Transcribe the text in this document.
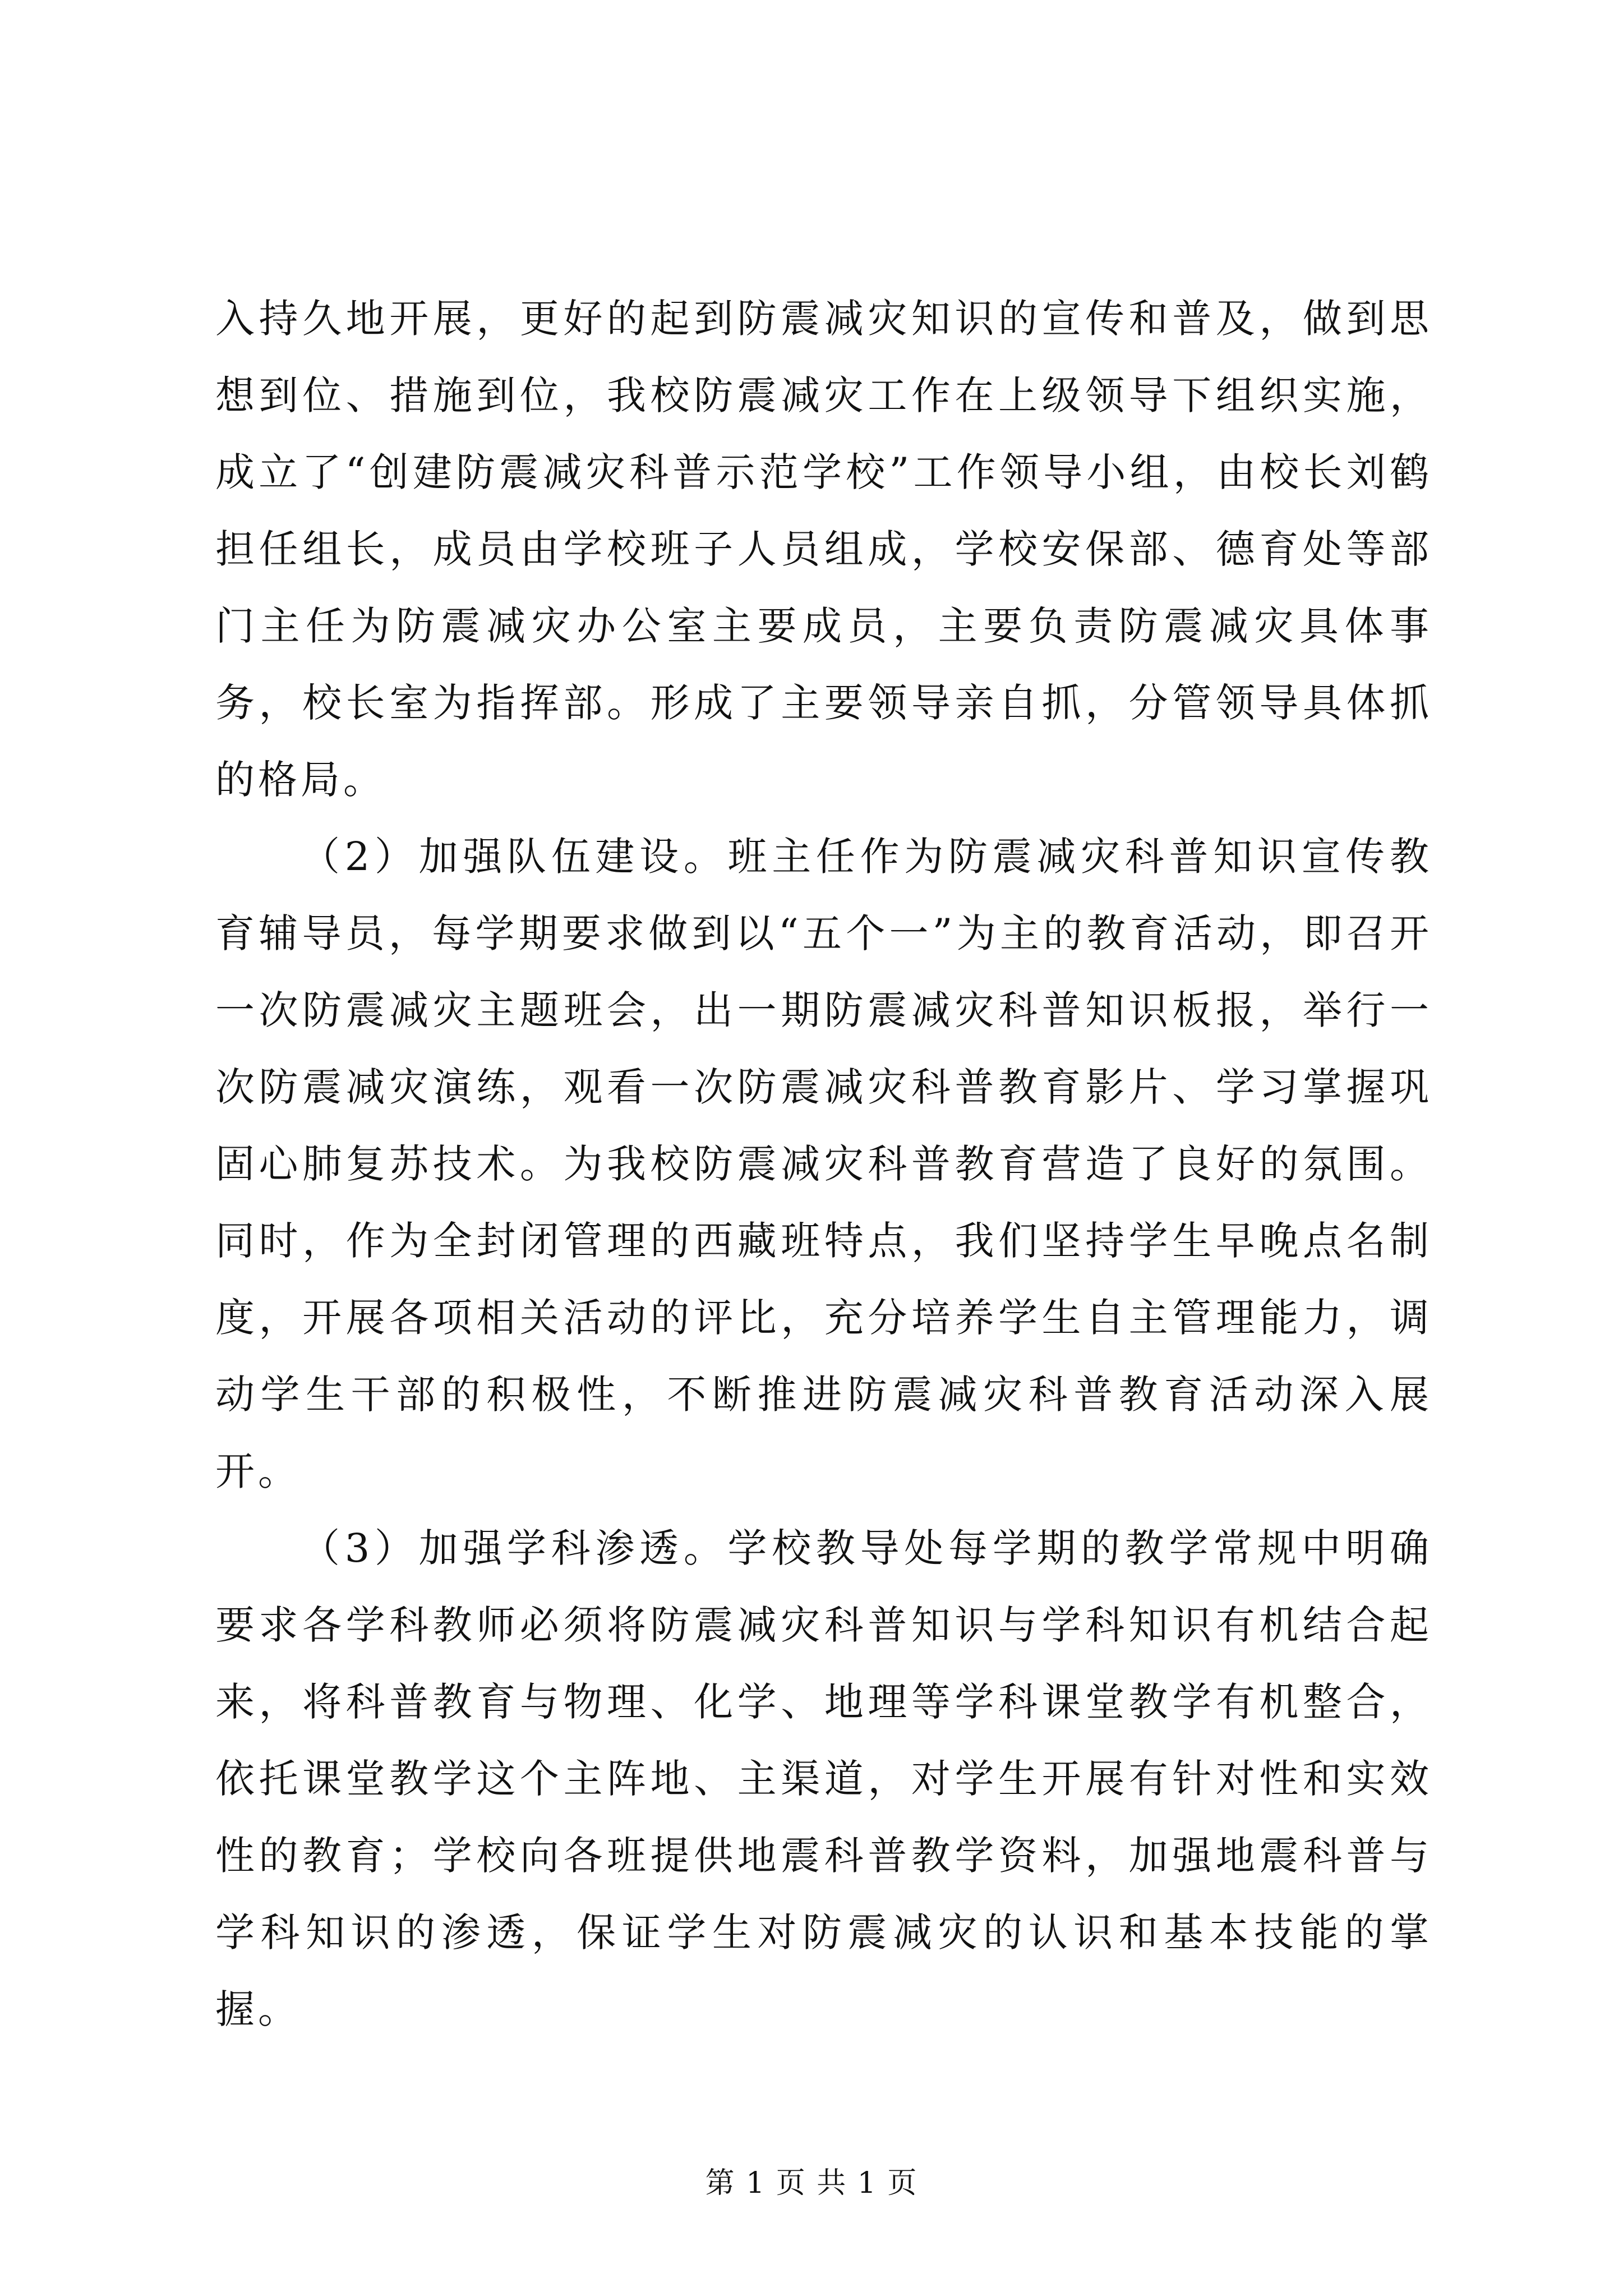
入持久地开展，更好的起到防震减灾知识的宣传和普及，做到思想到位、措施到位，我校防震减灾工作在上级领导下组织实施，成立了“创建防震减灾科普示范学校”工作领导小组，由校长刘鹤担任组长，成员由学校班子人员组成，学校安保部、德育处等部门主任为防震减灾办公室主要成员，主要负责防震减灾具体事务，校长室为指挥部。形成了主要领导亲自抓，分管领导具体抓的格局。

（2）加强队伍建设。班主任作为防震减灾科普知识宣传教育辅导员，每学期要求做到以“五个一”为主的教育活动，即召开一次防震减灾主题班会，出一期防震减灾科普知识板报，举行一次防震减灾演练，观看一次防震减灾科普教育影片、学习掌握巩固心肺复苏技术。为我校防震减灾科普教育营造了良好的氛围。同时，作为全封闭管理的西藏班特点，我们坚持学生早晚点名制度，开展各项相关活动的评比，充分培养学生自主管理能力，调动学生干部的积极性，不断推进防震减灾科普教育活动深入展开。

（3）加强学科渗透。学校教导处每学期的教学常规中明确要求各学科教师必须将防震减灾科普知识与学科知识有机结合起来，将科普教育与物理、化学、地理等学科课堂教学有机整合，依托课堂教学这个主阵地、主渠道，对学生开展有针对性和实效性的教育；学校向各班提供地震科普教学资料，加强地震科普与学科知识的渗透，保证学生对防震减灾的认识和基本技能的掌握。

第 1 页 共 1 页
